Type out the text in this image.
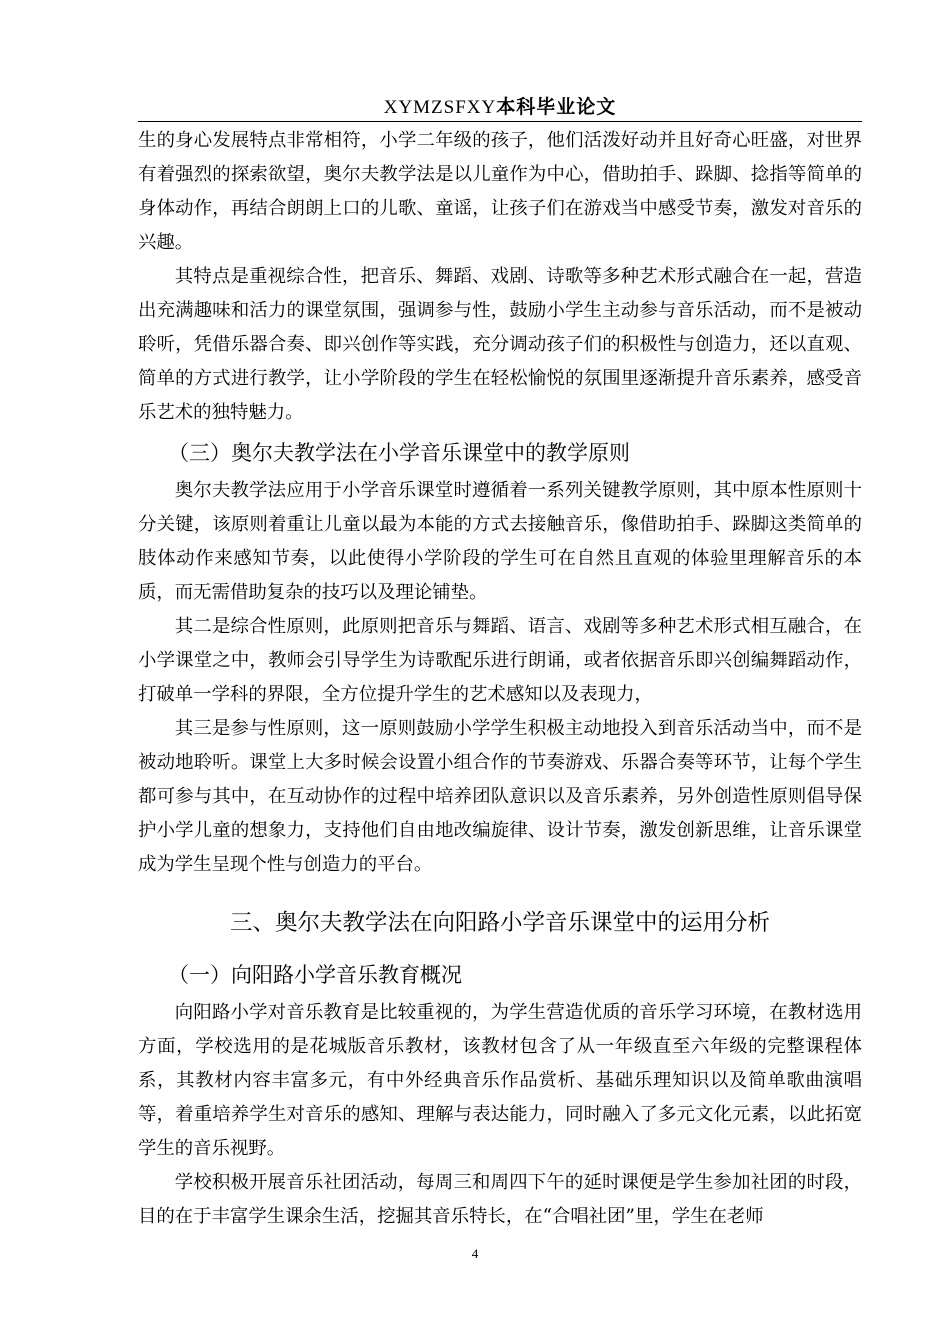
XYMZSFXY本科毕业论文

生的身心发展特点非常相符，小学二年级的孩子，他们活泼好动并且好奇心旺盛，对世界有着强烈的探索欲望，奥尔夫教学法是以儿童作为中心，借助拍手、跺脚、捻指等简单的身体动作，再结合朗朗上口的儿歌、童谣，让孩子们在游戏当中感受节奏，激发对音乐的兴趣。

其特点是重视综合性，把音乐、舞蹈、戏剧、诗歌等多种艺术形式融合在一起，营造出充满趣味和活力的课堂氛围，强调参与性，鼓励小学生主动参与音乐活动，而不是被动聆听，凭借乐器合奏、即兴创作等实践，充分调动孩子们的积极性与创造力，还以直观、简单的方式进行教学，让小学阶段的学生在轻松愉悦的氛围里逐渐提升音乐素养，感受音乐艺术的独特魅力。

（三）奥尔夫教学法在小学音乐课堂中的教学原则

奥尔夫教学法应用于小学音乐课堂时遵循着一系列关键教学原则，其中原本性原则十分关键，该原则着重让儿童以最为本能的方式去接触音乐，像借助拍手、跺脚这类简单的肢体动作来感知节奏，以此使得小学阶段的学生可在自然且直观的体验里理解音乐的本质，而无需借助复杂的技巧以及理论铺垫。

其二是综合性原则，此原则把音乐与舞蹈、语言、戏剧等多种艺术形式相互融合，在小学课堂之中，教师会引导学生为诗歌配乐进行朗诵，或者依据音乐即兴创编舞蹈动作，打破单一学科的界限，全方位提升学生的艺术感知以及表现力，

其三是参与性原则，这一原则鼓励小学学生积极主动地投入到音乐活动当中，而不是被动地聆听。课堂上大多时候会设置小组合作的节奏游戏、乐器合奏等环节，让每个学生都可参与其中，在互动协作的过程中培养团队意识以及音乐素养，另外创造性原则倡导保护小学儿童的想象力，支持他们自由地改编旋律、设计节奏，激发创新思维，让音乐课堂成为学生呈现个性与创造力的平台。

三、奥尔夫教学法在向阳路小学音乐课堂中的运用分析
（一）向阳路小学音乐教育概况

向阳路小学对音乐教育是比较重视的，为学生营造优质的音乐学习环境，在教材选用方面，学校选用的是花城版音乐教材，该教材包含了从一年级直至六年级的完整课程体系，其教材内容丰富多元，有中外经典音乐作品赏析、基础乐理知识以及简单歌曲演唱等，着重培养学生对音乐的感知、理解与表达能力，同时融入了多元文化元素，以此拓宽学生的音乐视野。

学校积极开展音乐社团活动，每周三和周四下午的延时课便是学生参加社团的时段，目的在于丰富学生课余生活，挖掘其音乐特长，在“合唱社团”里，学生在老师

4
